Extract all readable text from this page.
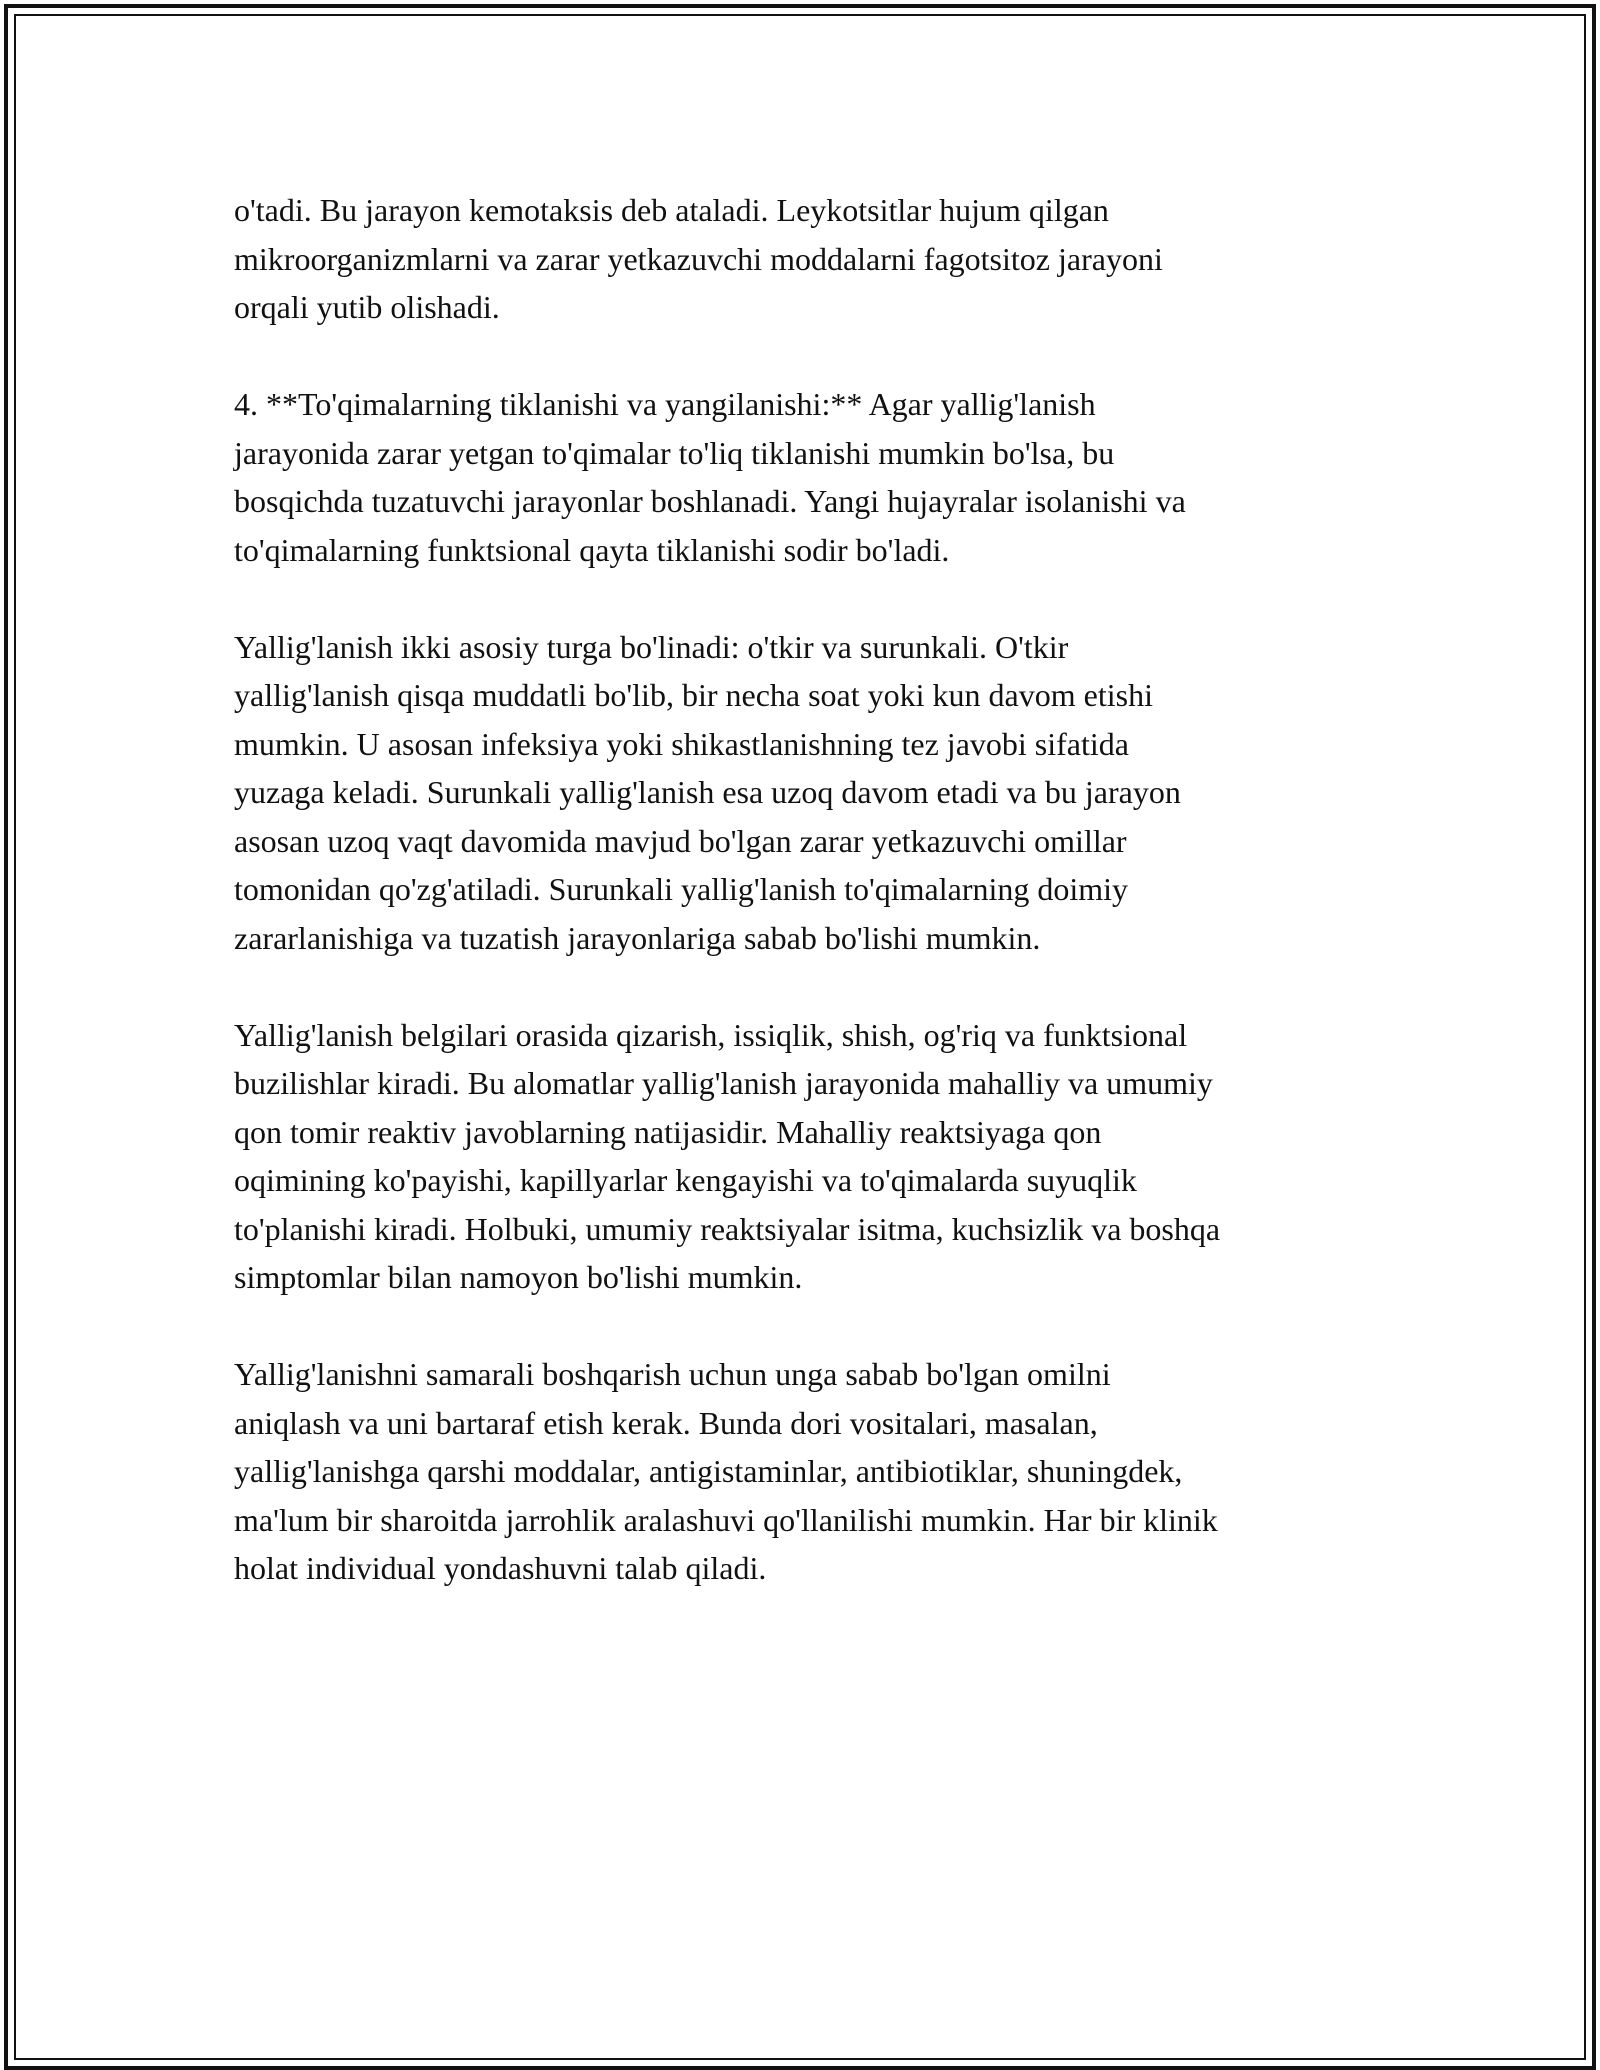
o'tadi. Bu jarayon kemotaksis deb ataladi. Leykotsitlar hujum qilgan
mikroorganizmlarni va zarar yetkazuvchi moddalarni fagotsitoz jarayoni
orqali yutib olishadi.

4. **To'qimalarning tiklanishi va yangilanishi:** Agar yallig'lanish
jarayonida zarar yetgan to'qimalar to'liq tiklanishi mumkin bo'lsa, bu
bosqichda tuzatuvchi jarayonlar boshlanadi. Yangi hujayralar isolanishi va
to'qimalarning funktsional qayta tiklanishi sodir bo'ladi.

Yallig'lanish ikki asosiy turga bo'linadi: o'tkir va surunkali. O'tkir
yallig'lanish qisqa muddatli bo'lib, bir necha soat yoki kun davom etishi
mumkin. U asosan infeksiya yoki shikastlanishning tez javobi sifatida
yuzaga keladi. Surunkali yallig'lanish esa uzoq davom etadi va bu jarayon
asosan uzoq vaqt davomida mavjud bo'lgan zarar yetkazuvchi omillar
tomonidan qo'zg'atiladi. Surunkali yallig'lanish to'qimalarning doimiy
zararlanishiga va tuzatish jarayonlariga sabab bo'lishi mumkin.

Yallig'lanish belgilari orasida qizarish, issiqlik, shish, og'riq va funktsional
buzilishlar kiradi. Bu alomatlar yallig'lanish jarayonida mahalliy va umumiy
qon tomir reaktiv javoblarning natijasidir. Mahalliy reaktsiyaga qon
oqimining ko'payishi, kapillyarlar kengayishi va to'qimalarda suyuqlik
to'planishi kiradi. Holbuki, umumiy reaktsiyalar isitma, kuchsizlik va boshqa
simptomlar bilan namoyon bo'lishi mumkin.

Yallig'lanishni samarali boshqarish uchun unga sabab bo'lgan omilni
aniqlash va uni bartaraf etish kerak. Bunda dori vositalari, masalan,
yallig'lanishga qarshi moddalar, antigistaminlar, antibiotiklar, shuningdek,
ma'lum bir sharoitda jarrohlik aralashuvi qo'llanilishi mumkin. Har bir klinik
holat individual yondashuvni talab qiladi.
